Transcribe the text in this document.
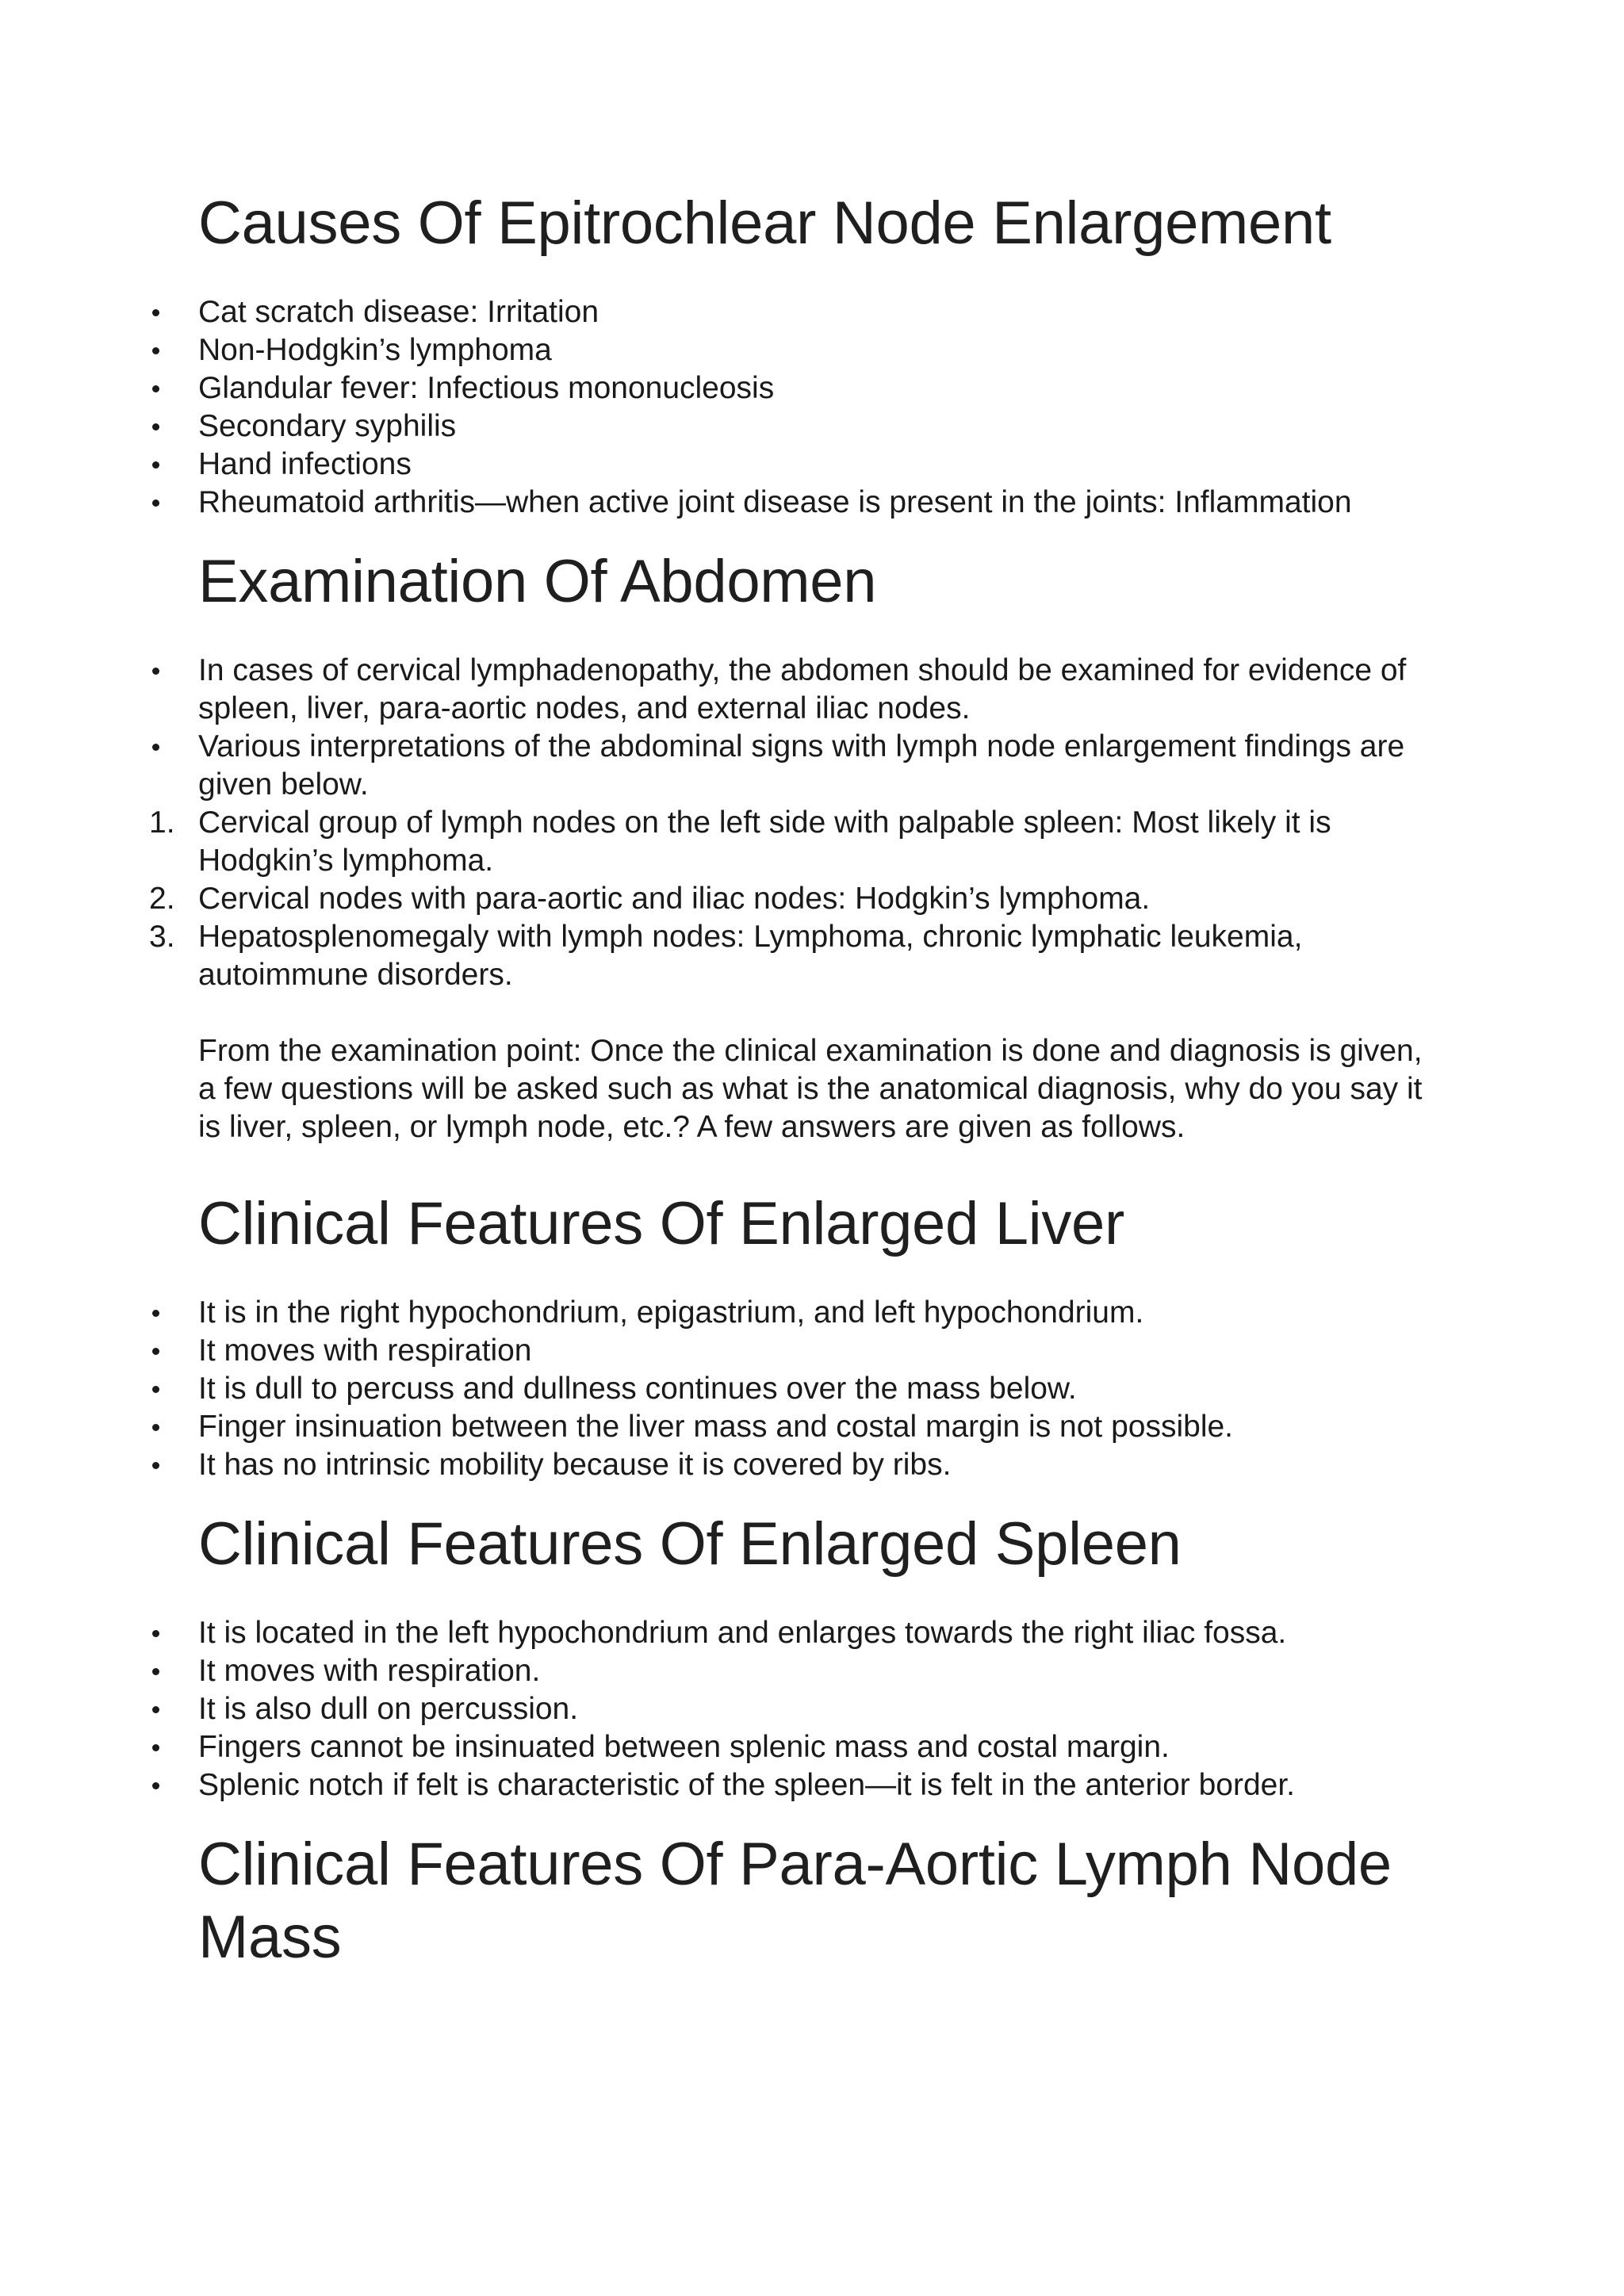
Causes Of Epitrochlear Node Enlargement
Cat scratch disease: Irritation
Non-Hodgkin’s lymphoma
Glandular fever: Infectious mononucleosis
Secondary syphilis
Hand infections
Rheumatoid arthritis—when active joint disease is present in the joints: Inflammation
Examination Of Abdomen
In cases of cervical lymphadenopathy, the abdomen should be examined for evidence of spleen, liver, para-aortic nodes, and external iliac nodes.
Various interpretations of the abdominal signs with lymph node enlargement findings are given below.
1. Cervical group of lymph nodes on the left side with palpable spleen: Most likely it is Hodgkin’s lymphoma.
2. Cervical nodes with para-aortic and iliac nodes: Hodgkin’s lymphoma.
3. Hepatosplenomegaly with lymph nodes: Lymphoma, chronic lymphatic leukemia, autoimmune disorders.

From the examination point: Once the clinical examination is done and diagnosis is given, a few questions will be asked such as what is the anatomical diagnosis, why do you say it is liver, spleen, or lymph node, etc.? A few answers are given as follows.

Clinical Features Of Enlarged Liver
It is in the right hypochondrium, epigastrium, and left hypochondrium.
It moves with respiration
It is dull to percuss and dullness continues over the mass below.
Finger insinuation between the liver mass and costal margin is not possible.
It has no intrinsic mobility because it is covered by ribs.
Clinical Features Of Enlarged Spleen
It is located in the left hypochondrium and enlarges towards the right iliac fossa.
It moves with respiration.
It is also dull on percussion.
Fingers cannot be insinuated between splenic mass and costal margin.
Splenic notch if felt is characteristic of the spleen—it is felt in the anterior border.
Clinical Features Of Para-Aortic Lymph Node Mass
